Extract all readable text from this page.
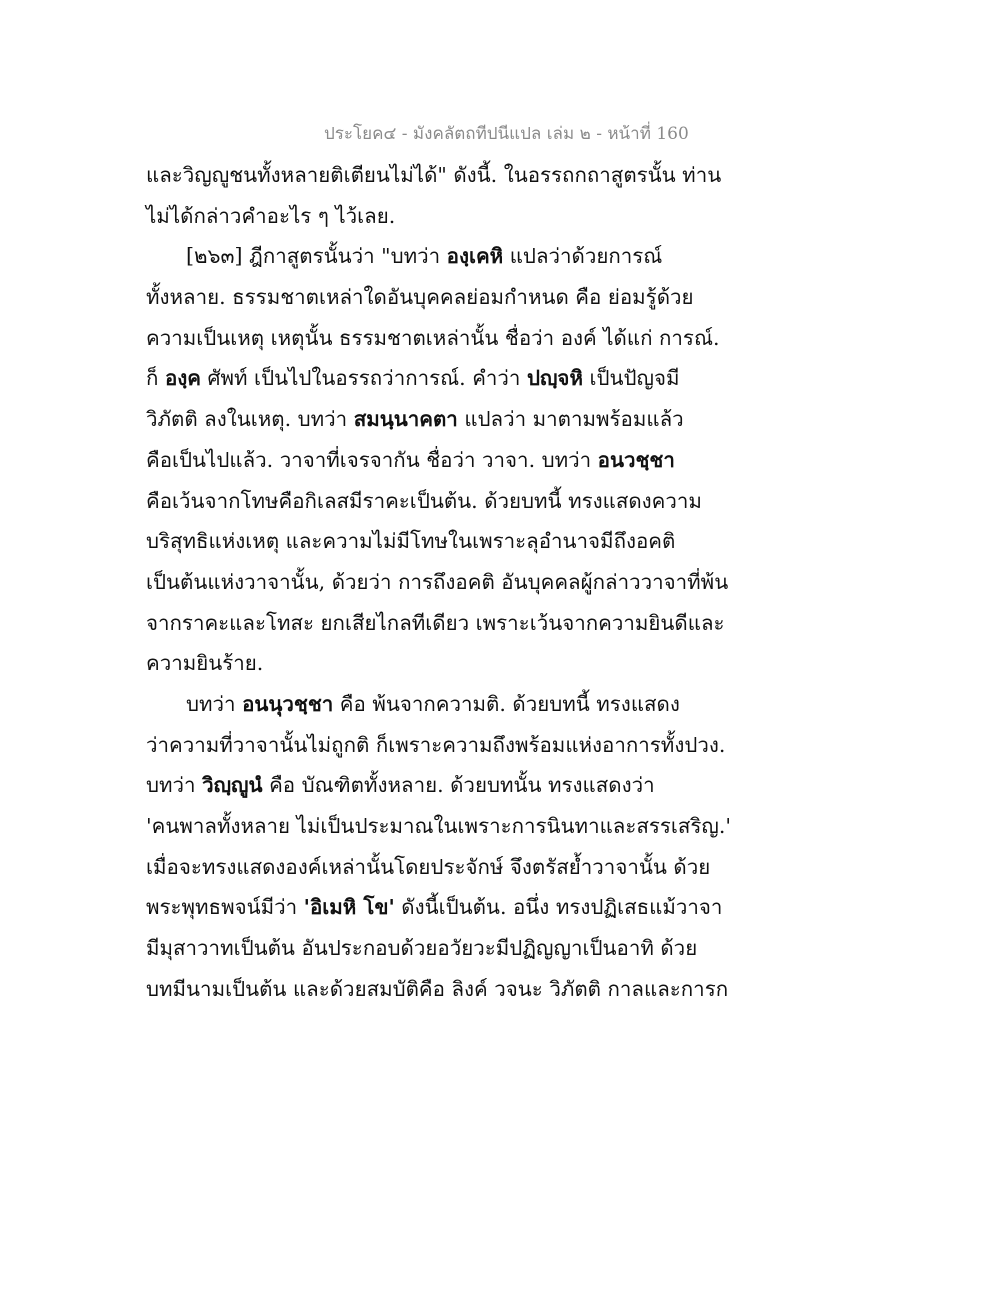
ประโยค๔ - มังคลัตถทีปนีแปล เล่ม ๒ - หน้าที่ 160
และวิญญูชนทั้งหลายติเตียนไม่ได้" ดังนี้. ในอรรถกถาสูตรนั้น ท่าน
ไม่ได้กล่าวคำอะไร ๆ ไว้เลย.
[๒๖๓] ฎีกาสูตรนั้นว่า "บทว่า องฺเคหิ แปลว่าด้วยการณ์
ทั้งหลาย. ธรรมชาตเหล่าใดอันบุคคลย่อมกำหนด คือ ย่อมรู้ด้วย
ความเป็นเหตุ เหตุนั้น ธรรมชาตเหล่านั้น ชื่อว่า องค์ ได้แก่ การณ์.
ก็ องฺค ศัพท์ เป็นไปในอรรถว่าการณ์. คำว่า ปญฺจหิ เป็นปัญจมี
วิภัตติ ลงในเหตุ. บทว่า สมนฺนาคตา แปลว่า มาตามพร้อมแล้ว
คือเป็นไปแล้ว. วาจาที่เจรจากัน ชื่อว่า วาจา. บทว่า อนวชฺชา
คือเว้นจากโทษคือกิเลสมีราคะเป็นต้น. ด้วยบทนี้ ทรงแสดงความ
บริสุทธิแห่งเหตุ และความไม่มีโทษในเพราะลุอำนาจมีถึงอคติ
เป็นต้นแห่งวาจานั้น, ด้วยว่า การถึงอคติ อันบุคคลผู้กล่าววาจาที่พ้น
จากราคะและโทสะ ยกเสียไกลทีเดียว เพราะเว้นจากความยินดีและ
ความยินร้าย.
บทว่า อนนุวชฺชา คือ พ้นจากความติ. ด้วยบทนี้ ทรงแสดง
ว่าความที่วาจานั้นไม่ถูกติ ก็เพราะความถึงพร้อมแห่งอาการทั้งปวง.
บทว่า วิญฺญูนํ คือ บัณฑิตทั้งหลาย. ด้วยบทนั้น ทรงแสดงว่า
'คนพาลทั้งหลาย ไม่เป็นประมาณในเพราะการนินทาและสรรเสริญ.'
เมื่อจะทรงแสดงองค์เหล่านั้นโดยประจักษ์ จึงตรัสย้ำวาจานั้น ด้วย
พระพุทธพจน์มีว่า 'อิเมหิ โข' ดังนี้เป็นต้น. อนึ่ง ทรงปฏิเสธแม้วาจา
มีมุสาวาทเป็นต้น อันประกอบด้วยอวัยวะมีปฏิญญาเป็นอาทิ ด้วย
บทมีนามเป็นต้น และด้วยสมบัติคือ ลิงค์ วจนะ วิภัตติ กาลและการก
